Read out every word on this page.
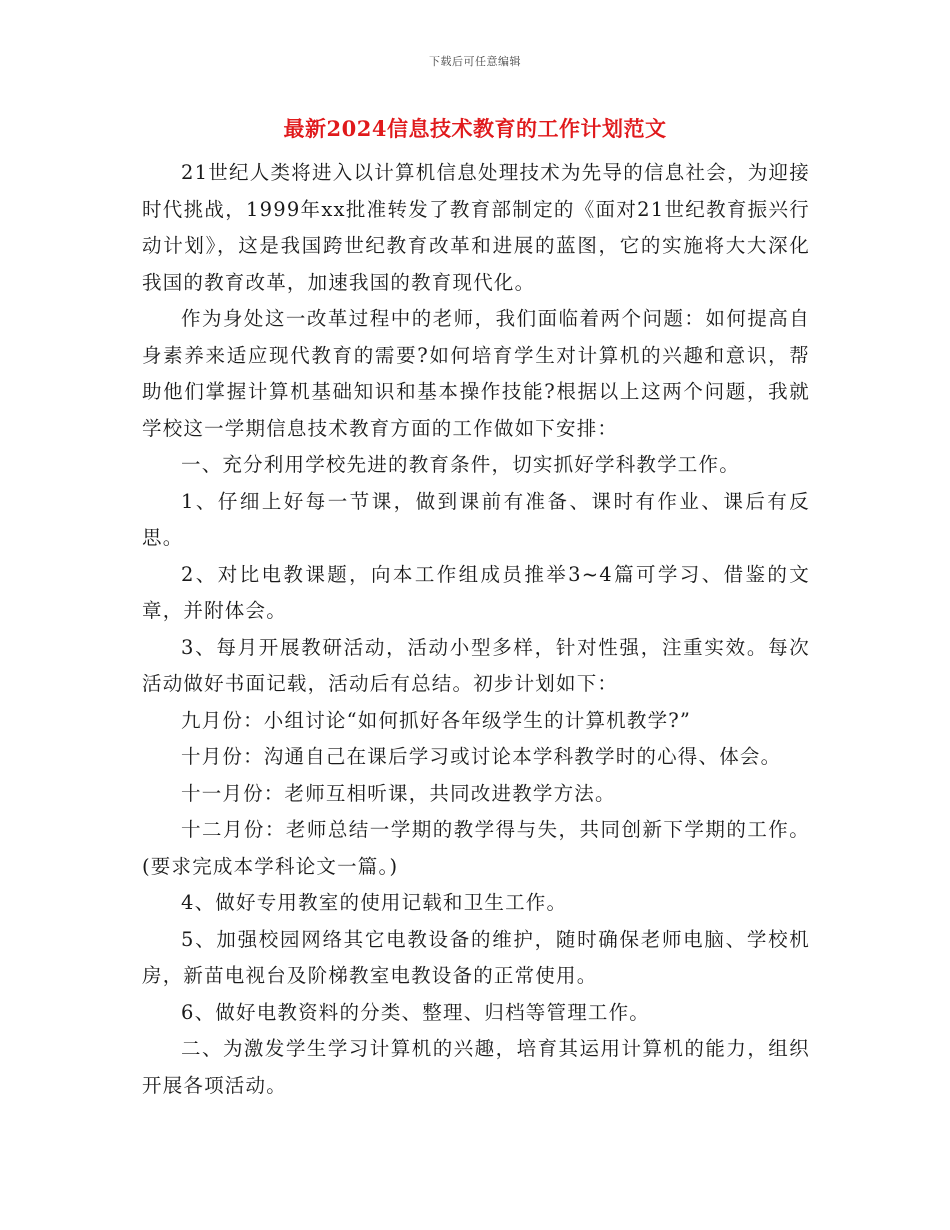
下载后可任意编辑
最新2024信息技术教育的工作计划范文

21世纪人类将进入以计算机信息处理技术为先导的信息社会，为迎接时代挑战，1999年xx批准转发了教育部制定的《面对21世纪教育振兴行动计划》，这是我国跨世纪教育改革和进展的蓝图，它的实施将大大深化我国的教育改革，加速我国的教育现代化。

作为身处这一改革过程中的老师，我们面临着两个问题：如何提高自身素养来适应现代教育的需要?如何培育学生对计算机的兴趣和意识，帮助他们掌握计算机基础知识和基本操作技能?根据以上这两个问题，我就学校这一学期信息技术教育方面的工作做如下安排：

一、充分利用学校先进的教育条件，切实抓好学科教学工作。

1、仔细上好每一节课，做到课前有准备、课时有作业、课后有反思。

2、对比电教课题，向本工作组成员推举3~4篇可学习、借鉴的文章，并附体会。

3、每月开展教研活动，活动小型多样，针对性强，注重实效。每次活动做好书面记载，活动后有总结。初步计划如下：

九月份：小组讨论“如何抓好各年级学生的计算机教学?”

十月份：沟通自己在课后学习或讨论本学科教学时的心得、体会。

十一月份：老师互相听课，共同改进教学方法。

十二月份：老师总结一学期的教学得与失，共同创新下学期的工作。(要求完成本学科论文一篇。)

4、做好专用教室的使用记载和卫生工作。

5、加强校园网络其它电教设备的维护，随时确保老师电脑、学校机房，新苗电视台及阶梯教室电教设备的正常使用。

6、做好电教资料的分类、整理、归档等管理工作。

二、为激发学生学习计算机的兴趣，培育其运用计算机的能力，组织开展各项活动。
